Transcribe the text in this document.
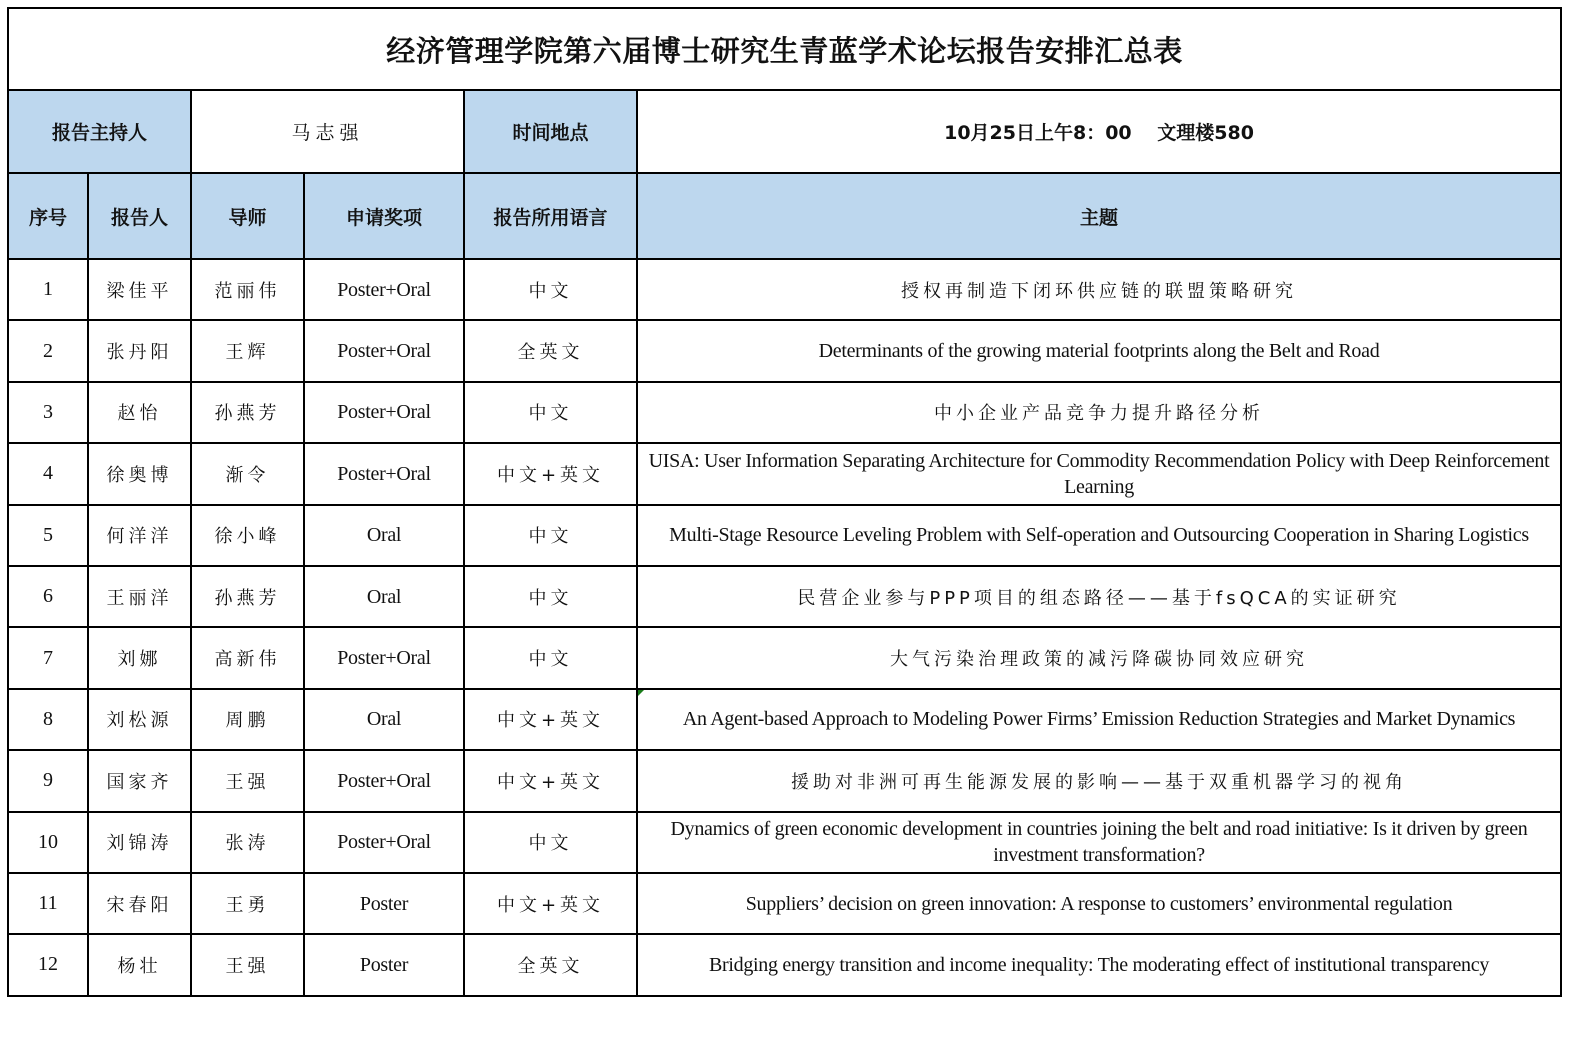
经济管理学院第六届博士研究生青蓝学术论坛报告安排汇总表					
报告主持人		马志强		时间地点	10月25日上午8：00　 文理楼580
序号	报告人	导师	申请奖项	报告所用语言	主题
1	梁佳平	范丽伟	Poster+Oral	中文	授权再制造下闭环供应链的联盟策略研究
2	张丹阳	王辉	Poster+Oral	全英文	Determinants of the growing material footprints along the Belt and Road
3	赵怡	孙燕芳	Poster+Oral	中文	中小企业产品竞争力提升路径分析
4	徐奥博	渐令	Poster+Oral	中文+英文	UISA: User Information Separating Architecture for Commodity Recommendation Policy with Deep Reinforcement Learning
5	何洋洋	徐小峰	Oral	中文	Multi-Stage Resource Leveling Problem with Self-operation and Outsourcing Cooperation in Sharing Logistics
6	王丽洋	孙燕芳	Oral	中文	民营企业参与PPP项目的组态路径——基于fsQCA的实证研究
7	刘娜	高新伟	Poster+Oral	中文	大气污染治理政策的减污降碳协同效应研究
8	刘松源	周鹏	Oral	中文+英文	An Agent-based Approach to Modeling Power Firms’ Emission Reduction Strategies and Market Dynamics
9	国家齐	王强	Poster+Oral	中文+英文	援助对非洲可再生能源发展的影响——基于双重机器学习的视角
10	刘锦涛	张涛	Poster+Oral	中文	Dynamics of green economic development in countries joining the belt and road initiative: Is it driven by green investment transformation?
11	宋春阳	王勇	Poster	中文+英文	Suppliers’ decision on green innovation: A response to customers’ environmental regulation
12	杨壮	王强	Poster	全英文	Bridging energy transition and income inequality: The moderating effect of institutional transparency
